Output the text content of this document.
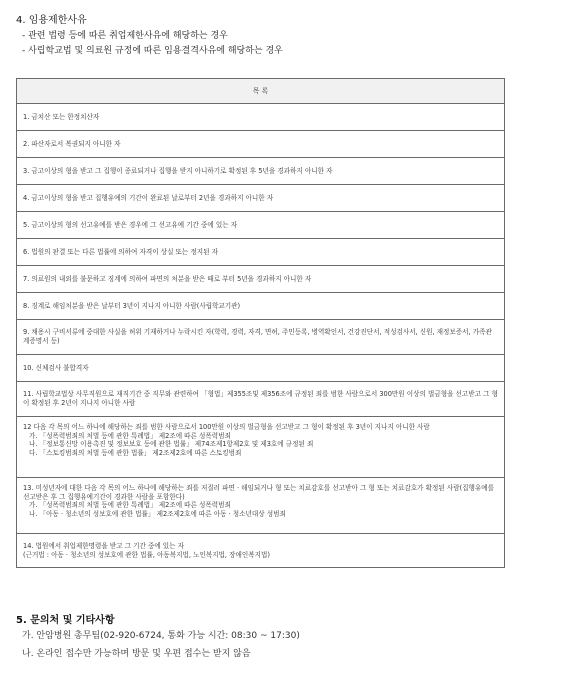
4. 임용제한사유
- 관련 법령 등에 따른 취업제한사유에 해당하는 경우
- 사립학교법 및 의료원 규정에 따른 임용결격사유에 해당하는 경우
목 록
1. 금치산 또는 한정치산자
2. 파산자로서 복권되지 아니한 자
3. 금고이상의 형을 받고 그 집행이 종료되거나 집행을 받지 아니하기로 확정된 후 5년을 경과하지 아니한 자
4. 금고이상의 형을 받고 집행유예의 기간이 완료된 날로부터 2년을 경과하지 아니한 자
5. 금고이상의 형의 선고유예를 받은 경우에 그 선고유예 기간 중에 있는 자
6. 법원의 판결 또는 다른 법률에 의하여 자격이 상실 또는 정지된 자
7. 의료원의 내외를 불문하고 징계에 의하여 파면의 처분을 받은 때로 부터 5년을 경과하지 아니한 자
8. 징계로 해임처분을 받은 날부터 3년이 지나지 아니한 사람(사립학교기관)
9. 채용시 구비서류에 중대한 사실을 허위 기재하거나 누락시킨 자(학력, 경력, 자격, 면허, 주민등록, 병역확인서, 건강진단서, 적성검사서, 신원, 재정보증서, 가족관계증명서 등)
10. 신체검사 불합격자
11. 사립학교법상 사무직원으로 재직기간 중 직무와 관련하여 「형법」제355조및 제356조에 규정된 죄를 범한 사람으로서 300만원 이상의 벌금형을 선고받고 그 형이 확정된 후 2년이 지나지 아니한 사람
12 다음 각 목의 어느 하나에 해당하는 죄를 범한 사람으로서 100만원 이상의 벌금형을 선고받고 그 형이 확정된 후 3년이 지나지 아니한 사람
가. 「성폭력범죄의 처벌 등에 관한 특례법」 제2조에 따른 성폭력범죄
나. 「정보통신망 이용촉진 및 정보보호 등에 관한 법률」 제74조제1항제2호 및 제3호에 규정된 죄
다. 「스토킹범죄의 처벌 등에 관한 법률」 제2조제2호에 따른 스토킹범죄

13. 미성년자에 대한 다음 각 목의 어느 하나에 해당하는 죄를 저질러 파면 · 해임되거나 형 또는 치료감호를 선고받아 그 형 또는 치료감호가 확정된 사람(집행유예를 선고받은 후 그 집행유예기간이 경과한 사람을 포함한다)
가. 「성폭력범죄의 처벌 등에 관한 특례법」 제2조에 따른 성폭력범죄
나. 「아동 · 청소년의 성보호에 관한 법률」 제2조제2호에 따른 아동 · 청소년대상 성범죄

14. 법원에서 취업제한명령을 받고 그 기간 중에 있는 자
(근거법 : 아동 · 청소년의 성보호에 관한 법률, 아동복지법, 노인복지법, 장애인복지법)
5. 문의처 및 기타사항
가. 안암병원 총무팀(02-920-6724, 통화 가능 시간: 08:30 ~ 17:30)
나. 온라인 접수만 가능하며 방문 및 우편 접수는 받지 않음
